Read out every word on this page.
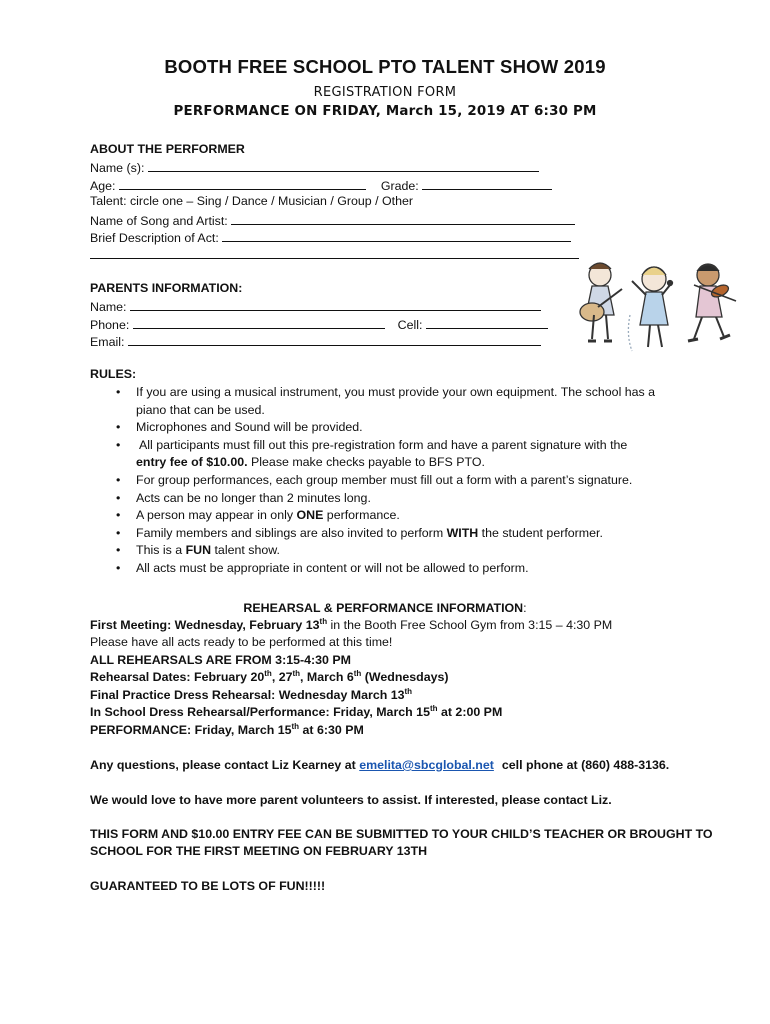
BOOTH FREE SCHOOL PTO TALENT SHOW 2019
REGISTRATION FORM
PERFORMANCE ON FRIDAY, March 15, 2019 AT 6:30 PM
ABOUT THE PERFORMER
Name (s):
Age:	Grade:
Talent: circle one – Sing / Dance / Musician / Group / Other
Name of Song and Artist:
Brief Description of Act:
PARENTS INFORMATION:
Name:
Phone:	Cell:
Email:
RULES:
• If you are using a musical instrument, you must provide your own equipment. The school has a
piano that can be used.
• Microphones and Sound will be provided.
• All participants must fill out this pre-registration form and have a parent signature with the
entry fee of $10.00. Please make checks payable to BFS PTO.
• For group performances, each group member must fill out a form with a parent’s signature.
• Acts can be no longer than 2 minutes long.
• A person may appear in only ONE performance.
• Family members and siblings are also invited to perform WITH the student performer.
• This is a FUN talent show.
• All acts must be appropriate in content or will not be allowed to perform.
REHEARSAL & PERFORMANCE INFORMATION:
First Meeting: Wednesday, February 13th in the Booth Free School Gym from 3:15 – 4:30 PM
Please have all acts ready to be performed at this time!
ALL REHEARSALS ARE FROM 3:15-4:30 PM
Rehearsal Dates: February 20th, 27th, March 6th (Wednesdays)
Final Practice Dress Rehearsal: Wednesday March 13th
In School Dress Rehearsal/Performance: Friday, March 15th at 2:00 PM
PERFORMANCE: Friday, March 15th at 6:30 PM
Any questions, please contact Liz Kearney at emelita@sbcglobal.net cell phone at (860) 488-3136.
We would love to have more parent volunteers to assist. If interested, please contact Liz.
THIS FORM AND $10.00 ENTRY FEE CAN BE SUBMITTED TO YOUR CHILD’S TEACHER OR BROUGHT TO
SCHOOL FOR THE FIRST MEETING ON FEBRUARY 13TH
GUARANTEED TO BE LOTS OF FUN!!!!!
